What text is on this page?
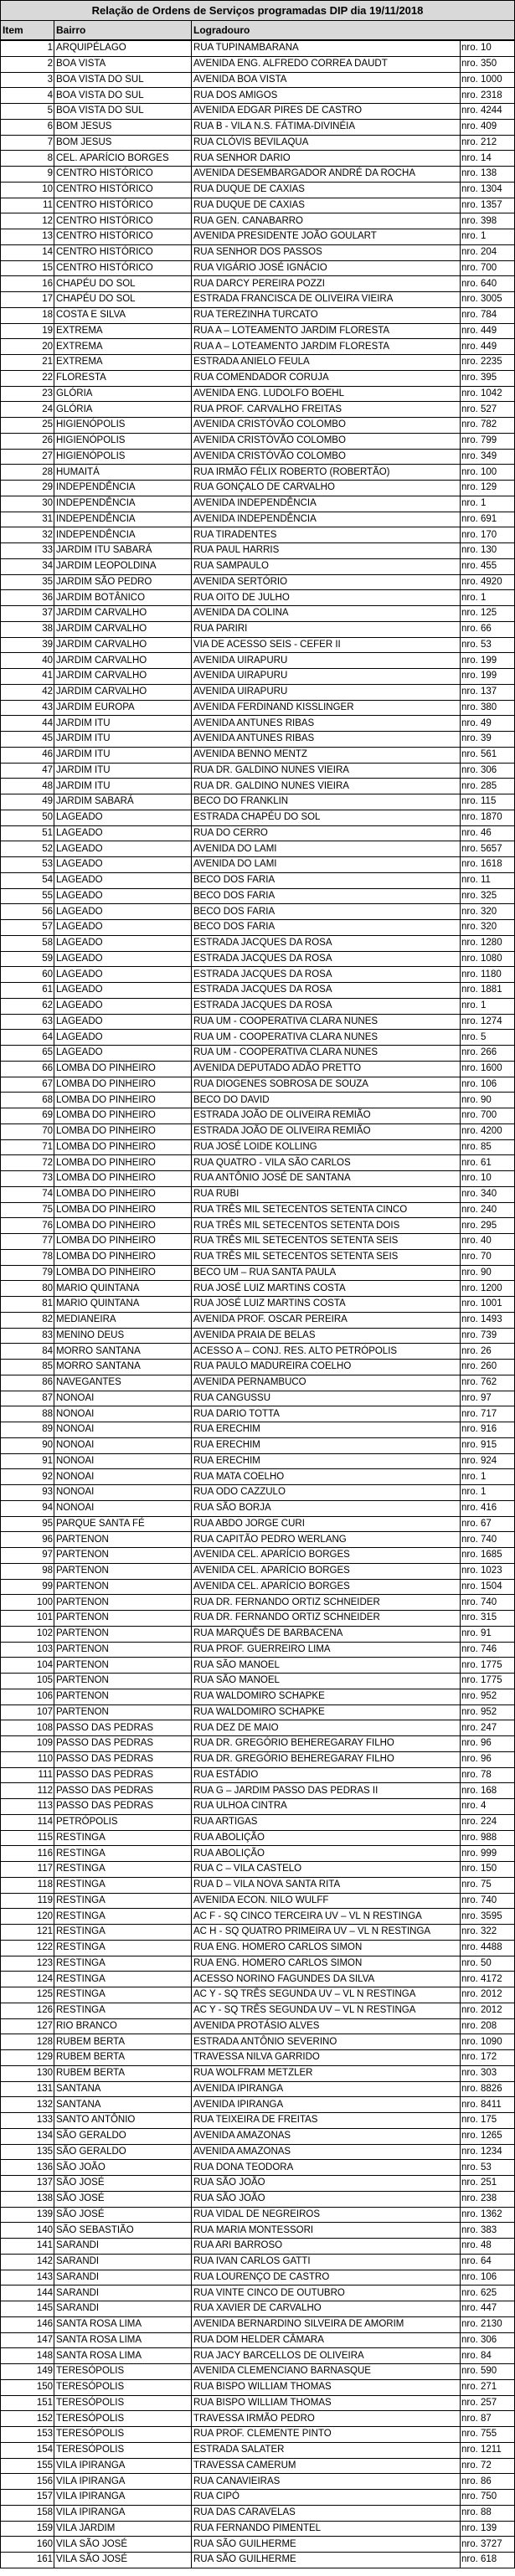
Relação de Ordens de Serviços programadas DIP dia 19/11/2018			
Item	Bairro	Logradouro	
1	ARQUIPÉLAGO	RUA TUPINAMBARANA	nro. 10
2	BOA VISTA	AVENIDA ENG. ALFREDO CORREA DAUDT	nro. 350
3	BOA VISTA DO SUL	AVENIDA BOA VISTA	nro. 1000
4	BOA VISTA DO SUL	RUA DOS AMIGOS	nro. 2318
5	BOA VISTA DO SUL	AVENIDA EDGAR PIRES DE CASTRO	nro. 4244
6	BOM JESUS	RUA B - VILA N.S. FÁTIMA-DIVINÉIA	nro. 409
7	BOM JESUS	RUA CLÓVIS BEVILAQUA	nro. 212
8	CEL. APARÍCIO BORGES	RUA SENHOR DARIO	nro. 14
9	CENTRO HISTÓRICO	AVENIDA DESEMBARGADOR ANDRÉ DA ROCHA	nro. 138
10	CENTRO HISTÓRICO	RUA DUQUE DE CAXIAS	nro. 1304
11	CENTRO HISTÓRICO	RUA DUQUE DE CAXIAS	nro. 1357
12	CENTRO HISTÓRICO	RUA GEN. CANABARRO	nro. 398
13	CENTRO HISTÓRICO	AVENIDA PRESIDENTE JOÃO GOULART	nro. 1
14	CENTRO HISTÓRICO	RUA SENHOR DOS PASSOS	nro. 204
15	CENTRO HISTÓRICO	RUA VIGÁRIO JOSÉ IGNÁCIO	nro. 700
16	CHAPÉU DO SOL	RUA DARCY PEREIRA POZZI	nro. 640
17	CHAPÉU DO SOL	ESTRADA FRANCISCA DE OLIVEIRA VIEIRA	nro. 3005
18	COSTA E SILVA	RUA TEREZINHA TURCATO	nro. 784
19	EXTREMA	RUA A – LOTEAMENTO JARDIM FLORESTA	nro. 449
20	EXTREMA	RUA A – LOTEAMENTO JARDIM FLORESTA	nro. 449
21	EXTREMA	ESTRADA ANIELO FEULA	nro. 2235
22	FLORESTA	RUA COMENDADOR CORUJA	nro. 395
23	GLÓRIA	AVENIDA ENG. LUDOLFO BOEHL	nro. 1042
24	GLÓRIA	RUA PROF. CARVALHO FREITAS	nro. 527
25	HIGIENÓPOLIS	AVENIDA CRISTÓVÃO COLOMBO	nro. 782
26	HIGIENÓPOLIS	AVENIDA CRISTÓVÃO COLOMBO	nro. 799
27	HIGIENÓPOLIS	AVENIDA CRISTÓVÃO COLOMBO	nro. 349
28	HUMAITÁ	RUA IRMÃO FÉLIX ROBERTO (ROBERTÃO)	nro. 100
29	INDEPENDÊNCIA	RUA GONÇALO DE CARVALHO	nro. 129
30	INDEPENDÊNCIA	AVENIDA INDEPENDÊNCIA	nro. 1
31	INDEPENDÊNCIA	AVENIDA INDEPENDÊNCIA	nro. 691
32	INDEPENDÊNCIA	RUA TIRADENTES	nro. 170
33	JARDIM ITU SABARÁ	RUA PAUL HARRIS	nro. 130
34	JARDIM LEOPOLDINA	RUA SAMPAULO	nro. 455
35	JARDIM SÃO PEDRO	AVENIDA SERTÓRIO	nro. 4920
36	JARDIM BOTÂNICO	RUA OITO DE JULHO	nro. 1
37	JARDIM CARVALHO	AVENIDA DA COLINA	nro. 125
38	JARDIM CARVALHO	RUA PARIRI	nro. 66
39	JARDIM CARVALHO	VIA DE ACESSO SEIS - CEFER II	nro. 53
40	JARDIM CARVALHO	AVENIDA UIRAPURU	nro. 199
41	JARDIM CARVALHO	AVENIDA UIRAPURU	nro. 199
42	JARDIM CARVALHO	AVENIDA UIRAPURU	nro. 137
43	JARDIM EUROPA	AVENIDA FERDINAND KISSLINGER	nro. 380
44	JARDIM ITU	AVENIDA ANTUNES RIBAS	nro. 49
45	JARDIM ITU	AVENIDA ANTUNES RIBAS	nro. 39
46	JARDIM ITU	AVENIDA BENNO MENTZ	nro. 561
47	JARDIM ITU	RUA DR. GALDINO NUNES VIEIRA	nro. 306
48	JARDIM ITU	RUA DR. GALDINO NUNES VIEIRA	nro. 285
49	JARDIM SABARÁ	BECO DO FRANKLIN	nro. 115
50	LAGEADO	ESTRADA CHAPÉU DO SOL	nro. 1870
51	LAGEADO	RUA DO CERRO	nro. 46
52	LAGEADO	AVENIDA DO LAMI	nro. 5657
53	LAGEADO	AVENIDA DO LAMI	nro. 1618
54	LAGEADO	BECO DOS FARIA	nro. 11
55	LAGEADO	BECO DOS FARIA	nro. 325
56	LAGEADO	BECO DOS FARIA	nro. 320
57	LAGEADO	BECO DOS FARIA	nro. 320
58	LAGEADO	ESTRADA JACQUES DA ROSA	nro. 1280
59	LAGEADO	ESTRADA JACQUES DA ROSA	nro. 1080
60	LAGEADO	ESTRADA JACQUES DA ROSA	nro. 1180
61	LAGEADO	ESTRADA JACQUES DA ROSA	nro. 1881
62	LAGEADO	ESTRADA JACQUES DA ROSA	nro. 1
63	LAGEADO	RUA UM - COOPERATIVA CLARA NUNES	nro. 1274
64	LAGEADO	RUA UM - COOPERATIVA CLARA NUNES	nro. 5
65	LAGEADO	RUA UM - COOPERATIVA CLARA NUNES	nro. 266
66	LOMBA DO PINHEIRO	AVENIDA DEPUTADO ADÃO PRETTO	nro. 1600
67	LOMBA DO PINHEIRO	RUA DIOGENES SOBROSA DE SOUZA	nro. 106
68	LOMBA DO PINHEIRO	BECO DO DAVID	nro. 90
69	LOMBA DO PINHEIRO	ESTRADA JOÃO DE OLIVEIRA REMIÃO	nro. 700
70	LOMBA DO PINHEIRO	ESTRADA JOÃO DE OLIVEIRA REMIÃO	nro. 4200
71	LOMBA DO PINHEIRO	RUA JOSÉ LOIDE KOLLING	nro. 85
72	LOMBA DO PINHEIRO	RUA QUATRO - VILA SÃO CARLOS	nro. 61
73	LOMBA DO PINHEIRO	RUA ANTÔNIO JOSÉ DE SANTANA	nro. 10
74	LOMBA DO PINHEIRO	RUA RUBI	nro. 340
75	LOMBA DO PINHEIRO	RUA TRÊS MIL SETECENTOS SETENTA CINCO	nro. 240
76	LOMBA DO PINHEIRO	RUA TRÊS MIL SETECENTOS SETENTA DOIS	nro. 295
77	LOMBA DO PINHEIRO	RUA TRÊS MIL SETECENTOS SETENTA SEIS	nro. 40
78	LOMBA DO PINHEIRO	RUA TRÊS MIL SETECENTOS SETENTA SEIS	nro. 70
79	LOMBA DO PINHEIRO	BECO UM – RUA SANTA PAULA	nro. 90
80	MARIO QUINTANA	RUA JOSÉ LUIZ MARTINS COSTA	nro. 1200
81	MARIO QUINTANA	RUA JOSÉ LUIZ MARTINS COSTA	nro. 1001
82	MEDIANEIRA	AVENIDA PROF. OSCAR PEREIRA	nro. 1493
83	MENINO DEUS	AVENIDA PRAIA DE BELAS	nro. 739
84	MORRO SANTANA	ACESSO A – CONJ. RES. ALTO PETRÓPOLIS	nro. 26
85	MORRO SANTANA	RUA PAULO MADUREIRA COELHO	nro. 260
86	NAVEGANTES	AVENIDA PERNAMBUCO	nro. 762
87	NONOAI	RUA CANGUSSU	nro. 97
88	NONOAI	RUA DARIO TOTTA	nro. 717
89	NONOAI	RUA ERECHIM	nro. 916
90	NONOAI	RUA ERECHIM	nro. 915
91	NONOAI	RUA ERECHIM	nro. 924
92	NONOAI	RUA MATA COELHO	nro. 1
93	NONOAI	RUA ODO CAZZULO	nro. 1
94	NONOAI	RUA SÃO BORJA	nro. 416
95	PARQUE SANTA FÉ	RUA ABDO JORGE CURI	nro. 67
96	PARTENON	RUA CAPITÃO PEDRO WERLANG	nro. 740
97	PARTENON	AVENIDA CEL. APARÍCIO BORGES	nro. 1685
98	PARTENON	AVENIDA CEL. APARÍCIO BORGES	nro. 1023
99	PARTENON	AVENIDA CEL. APARÍCIO BORGES	nro. 1504
100	PARTENON	RUA DR. FERNANDO ORTIZ SCHNEIDER	nro. 740
101	PARTENON	RUA DR. FERNANDO ORTIZ SCHNEIDER	nro. 315
102	PARTENON	RUA MARQUÊS DE BARBACENA	nro. 91
103	PARTENON	RUA PROF. GUERREIRO LIMA	nro. 746
104	PARTENON	RUA SÃO MANOEL	nro. 1775
105	PARTENON	RUA SÃO MANOEL	nro. 1775
106	PARTENON	RUA WALDOMIRO SCHAPKE	nro. 952
107	PARTENON	RUA WALDOMIRO SCHAPKE	nro. 952
108	PASSO DAS PEDRAS	RUA DEZ DE MAIO	nro. 247
109	PASSO DAS PEDRAS	RUA DR. GREGÓRIO BEHEREGARAY FILHO	nro. 96
110	PASSO DAS PEDRAS	RUA DR. GREGÓRIO BEHEREGARAY FILHO	nro. 96
111	PASSO DAS PEDRAS	RUA ESTÁDIO	nro. 78
112	PASSO DAS PEDRAS	RUA G – JARDIM PASSO DAS PEDRAS II	nro. 168
113	PASSO DAS PEDRAS	RUA ULHOA CINTRA	nro. 4
114	PETRÓPOLIS	RUA ARTIGAS	nro. 224
115	RESTINGA	RUA ABOLIÇÃO	nro. 988
116	RESTINGA	RUA ABOLIÇÃO	nro. 999
117	RESTINGA	RUA C – VILA CASTELO	nro. 150
118	RESTINGA	RUA D – VILA NOVA SANTA RITA	nro. 75
119	RESTINGA	AVENIDA ECON. NILO WULFF	nro. 740
120	RESTINGA	AC F - SQ CINCO TERCEIRA UV – VL N RESTINGA	nro. 3595
121	RESTINGA	AC H - SQ QUATRO PRIMEIRA UV – VL N RESTINGA	nro. 322
122	RESTINGA	RUA ENG. HOMERO CARLOS SIMON	nro. 4488
123	RESTINGA	RUA ENG. HOMERO CARLOS SIMON	nro. 50
124	RESTINGA	ACESSO NORINO FAGUNDES DA SILVA	nro. 4172
125	RESTINGA	AC Y - SQ TRÊS SEGUNDA UV – VL N RESTINGA	nro. 2012
126	RESTINGA	AC Y - SQ TRÊS SEGUNDA UV – VL N RESTINGA	nro. 2012
127	RIO BRANCO	AVENIDA PROTÁSIO ALVES	nro. 208
128	RUBEM BERTA	ESTRADA ANTÔNIO SEVERINO	nro. 1090
129	RUBEM BERTA	TRAVESSA NILVA GARRIDO	nro. 172
130	RUBEM BERTA	RUA WOLFRAM METZLER	nro. 303
131	SANTANA	AVENIDA IPIRANGA	nro. 8826
132	SANTANA	AVENIDA IPIRANGA	nro. 8411
133	SANTO ANTÔNIO	RUA TEIXEIRA DE FREITAS	nro. 175
134	SÃO GERALDO	AVENIDA AMAZONAS	nro. 1265
135	SÃO GERALDO	AVENIDA AMAZONAS	nro. 1234
136	SÃO JOÃO	RUA DONA TEODORA	nro. 53
137	SÃO JOSÉ	RUA SÃO JOÃO	nro. 251
138	SÃO JOSÉ	RUA SÃO JOÃO	nro. 238
139	SÃO JOSÉ	RUA VIDAL DE NEGREIROS	nro. 1362
140	SÃO SEBASTIÃO	RUA MARIA MONTESSORI	nro. 383
141	SARANDI	RUA ARI BARROSO	nro. 48
142	SARANDI	RUA IVAN CARLOS GATTI	nro. 64
143	SARANDI	RUA LOURENÇO DE CASTRO	nro. 106
144	SARANDI	RUA VINTE CINCO DE OUTUBRO	nro. 625
145	SARANDI	RUA XAVIER DE CARVALHO	nro. 447
146	SANTA ROSA LIMA	AVENIDA BERNARDINO SILVEIRA DE AMORIM	nro. 2130
147	SANTA ROSA LIMA	RUA DOM HELDER CÂMARA	nro. 306
148	SANTA ROSA LIMA	RUA JACY BARCELLOS DE OLIVEIRA	nro. 84
149	TERESÓPOLIS	AVENIDA CLEMENCIANO BARNASQUE	nro. 590
150	TERESÓPOLIS	RUA BISPO WILLIAM THOMAS	nro. 271
151	TERESÓPOLIS	RUA BISPO WILLIAM THOMAS	nro. 257
152	TERESÓPOLIS	TRAVESSA IRMÃO PEDRO	nro. 87
153	TERESÓPOLIS	RUA PROF. CLEMENTE PINTO	nro. 755
154	TERESÓPOLIS	ESTRADA SALATER	nro. 1211
155	VILA IPIRANGA	TRAVESSA CAMERUM	nro. 72
156	VILA IPIRANGA	RUA CANAVIEIRAS	nro. 86
157	VILA IPIRANGA	RUA CIPÓ	nro. 750
158	VILA IPIRANGA	RUA DAS CARAVELAS	nro. 88
159	VILA JARDIM	RUA FERNANDO PIMENTEL	nro. 139
160	VILA SÃO JOSÉ	RUA SÃO GUILHERME	nro. 3727
161	VILA SÃO JOSÉ	RUA SÃO GUILHERME	nro. 618
